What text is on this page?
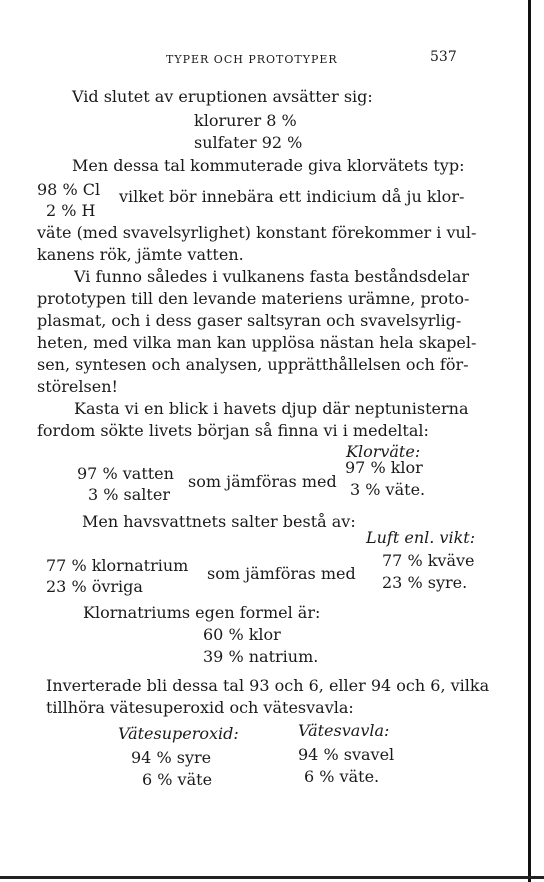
TYPER OCH PROTOTYPER	537
Vid slutet av eruptionen avsätter sig:
klorurer 8 %
sulfater 92 %
Men dessa tal kommuterade giva klorvätets typ:
98 % Cl
2 % H
vilket bör innebära ett indicium då ju klor-
väte (med svavelsyrlighet) konstant förekommer i vul-
kanens rök, jämte vatten.
Vi funno således i vulkanens fasta beståndsdelar
prototypen till den levande materiens urämne, proto-
plasmat, och i dess gaser saltsyran och svavelsyrlig-
heten, med vilka man kan upplösa nästan hela skapel-
sen, syntesen och analysen, upprätthållelsen och för-
störelsen!
Kasta vi en blick i havets djup där neptunisterna
fordom sökte livets början så finna vi i medeltal:
Klorväte:
97 % vatten
3 % salter
som jämföras med
97 % klor
3 % väte.
Men havsvattnets salter bestå av:
Luft enl. vikt:
77 % klornatrium
23 % övriga
som jämföras med
77 % kväve
23 % syre.
Klornatriums egen formel är:
60 % klor
39 % natrium.
Inverterade bli dessa tal 93 och 6, eller 94 och 6, vilka
tillhöra vätesuperoxid och vätesvavla:
Vätesuperoxid:	Vätesvavla:
94 % syre
6 % väte
94 % svavel
6 % väte.
